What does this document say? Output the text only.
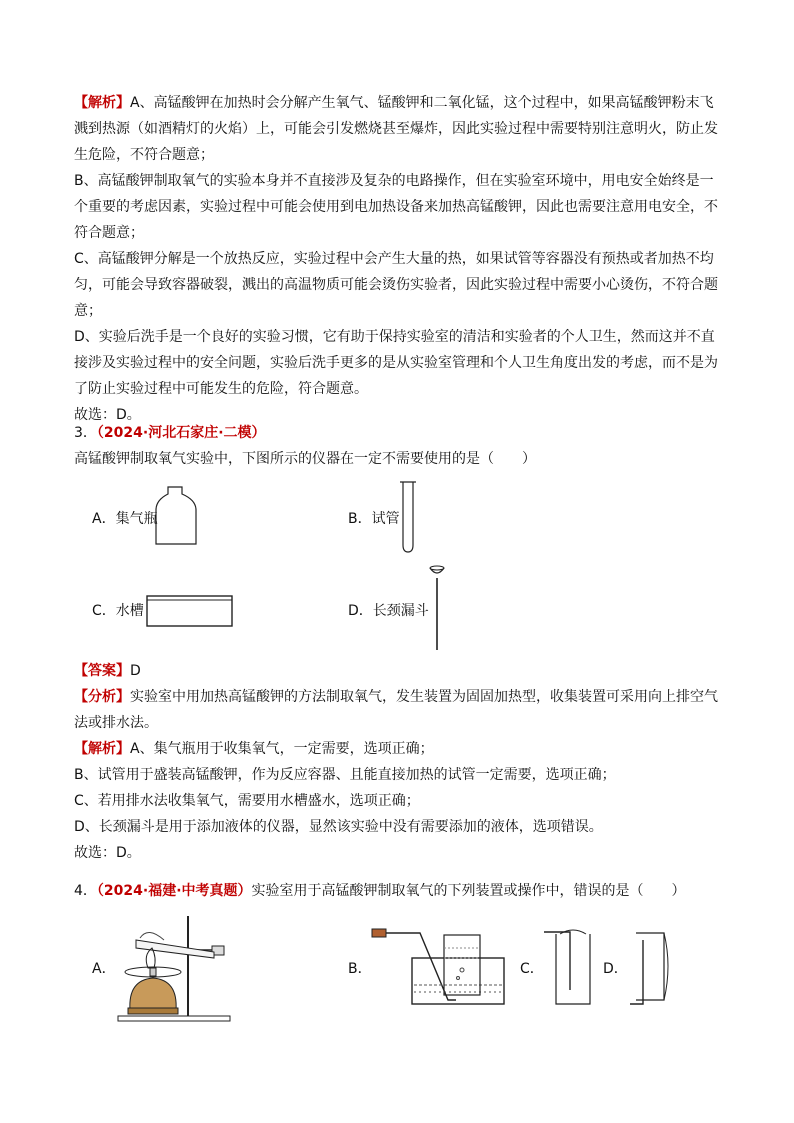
【解析】A、高锰酸钾在加热时会分解产生氧气、锰酸钾和二氧化锰，这个过程中，如果高锰酸钾粉末飞溅到热源（如酒精灯的火焰）上，可能会引发燃烧甚至爆炸，因此实验过程中需要特别注意明火，防止发生危险，不符合题意；

B、高锰酸钾制取氧气的实验本身并不直接涉及复杂的电路操作，但在实验室环境中，用电安全始终是一个重要的考虑因素，实验过程中可能会使用到电加热设备来加热高锰酸钾，因此也需要注意用电安全，不符合题意；

C、高锰酸钾分解是一个放热反应，实验过程中会产生大量的热，如果试管等容器没有预热或者加热不均匀，可能会导致容器破裂，溅出的高温物质可能会烫伤实验者，因此实验过程中需要小心烫伤，不符合题意；

D、实验后洗手是一个良好的实验习惯，它有助于保持实验室的清洁和实验者的个人卫生，然而这并不直接涉及实验过程中的安全问题，实验后洗手更多的是从实验室管理和个人卫生角度出发的考虑，而不是为了防止实验过程中可能发生的危险，符合题意。

故选：D。

3．（2024·河北石家庄·二模）高锰酸钾制取氧气实验中，下图所示的仪器在一定不需要使用的是（　　）

A．集气瓶	B．试管
C．水槽	D．长颈漏斗

【答案】D

【分析】实验室中用加热高锰酸钾的方法制取氧气，发生装置为固固加热型，收集装置可采用向上排空气法或排水法。

【解析】A、集气瓶用于收集氧气，一定需要，选项正确；

B、试管用于盛装高锰酸钾，作为反应容器、且能直接加热的试管一定需要，选项正确；

C、若用排水法收集氧气，需要用水槽盛水，选项正确；

D、长颈漏斗是用于添加液体的仪器，显然该实验中没有需要添加的液体，选项错误。

故选：D。

4．（2024·福建·中考真题）实验室用于高锰酸钾制取氧气的下列装置或操作中，错误的是（　　）

A．	B．	C．	D．
